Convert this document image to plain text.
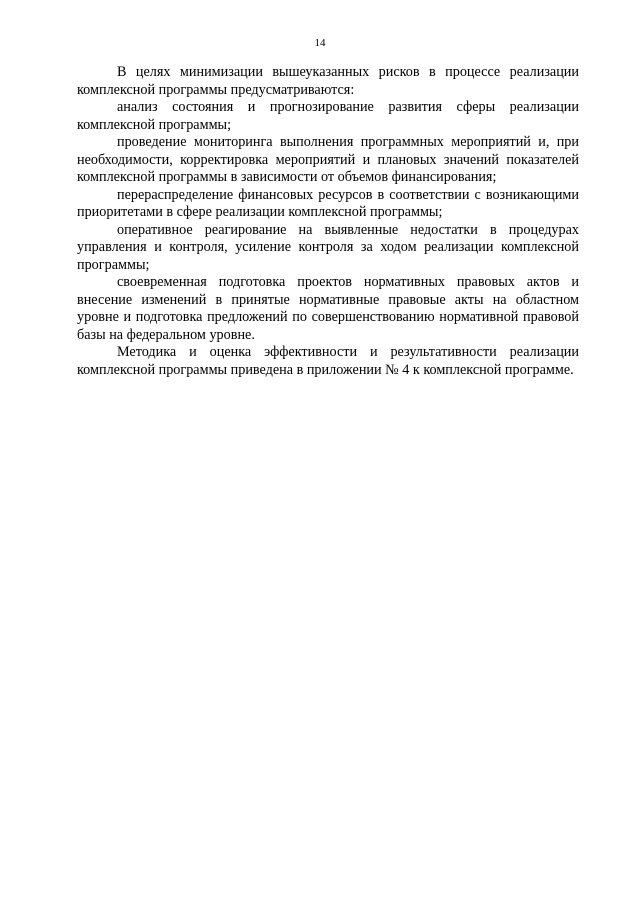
14

В целях минимизации вышеуказанных рисков в процессе реализации комплексной программы предусматриваются:

анализ состояния и прогнозирование развития сферы реализации комплексной программы;

проведение мониторинга выполнения программных мероприятий и, при необходимости, корректировка мероприятий и плановых значений показателей комплексной программы в зависимости от объемов финансирования;

перераспределение финансовых ресурсов в соответствии с возникающими приоритетами в сфере реализации комплексной программы;

оперативное реагирование на выявленные недостатки в процедурах управления и контроля, усиление контроля за ходом реализации комплексной программы;

своевременная подготовка проектов нормативных правовых актов и внесение изменений в принятые нормативные правовые акты на областном уровне и подготовка предложений по совершенствованию нормативной правовой базы на федеральном уровне.

Методика и оценка эффективности и результативности реализации комплексной программы приведена в приложении № 4 к комплексной программе.
